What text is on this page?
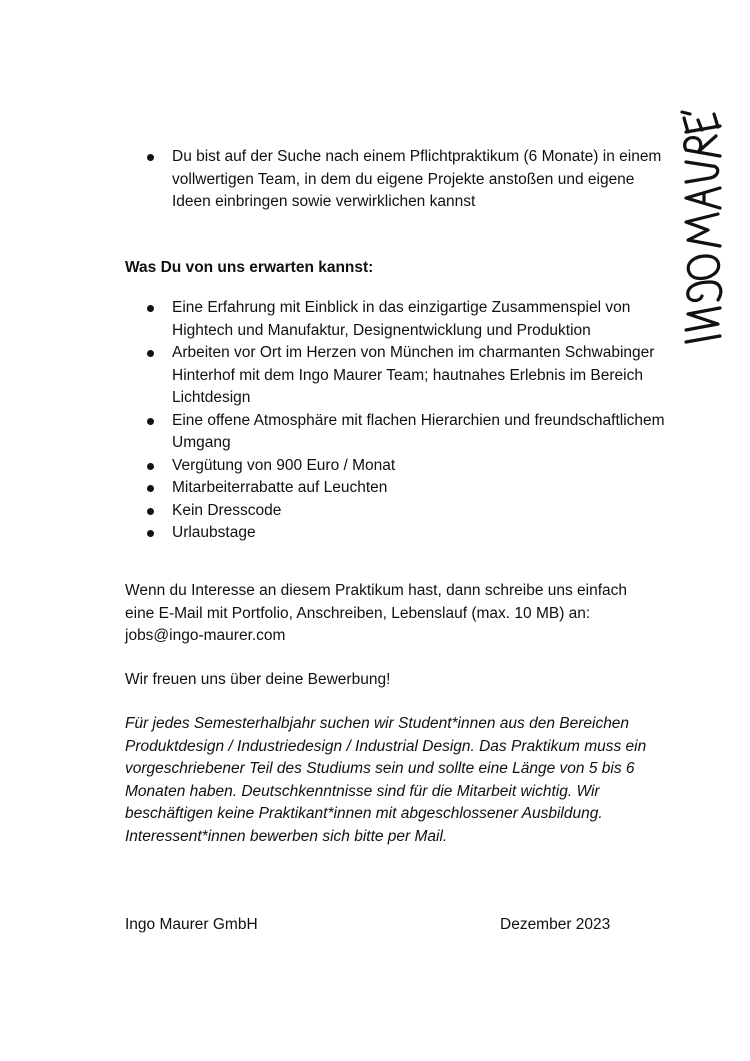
Du bist auf der Suche nach einem Pflichtpraktikum (6 Monate) in einem vollwertigen Team, in dem du eigene Projekte anstoßen und eigene Ideen einbringen sowie verwirklichen kannst
Was Du von uns erwarten kannst:
Eine Erfahrung mit Einblick in das einzigartige Zusammenspiel von Hightech und Manufaktur, Designentwicklung und Produktion
Arbeiten vor Ort im Herzen von München im charmanten Schwabinger Hinterhof mit dem Ingo Maurer Team; hautnahes Erlebnis im Bereich Lichtdesign
Eine offene Atmosphäre mit flachen Hierarchien und freundschaftlichem Umgang
Vergütung von 900 Euro / Monat
Mitarbeiterrabatte auf Leuchten
Kein Dresscode
Urlaubstage

Wenn du Interesse an diesem Praktikum hast, dann schreibe uns einfach eine E-Mail mit Portfolio, Anschreiben, Lebenslauf (max. 10 MB) an: jobs@ingo-maurer.com

Wir freuen uns über deine Bewerbung!

Für jedes Semesterhalbjahr suchen wir Student*innen aus den Bereichen Produktdesign / Industriedesign / Industrial Design. Das Praktikum muss ein vorgeschriebener Teil des Studiums sein und sollte eine Länge von 5 bis 6 Monaten haben. Deutschkenntnisse sind für die Mitarbeit wichtig. Wir beschäftigen keine Praktikant*innen mit abgeschlossener Ausbildung. Interessent*innen bewerben sich bitte per Mail.

Ingo Maurer GmbH	Dezember 2023
